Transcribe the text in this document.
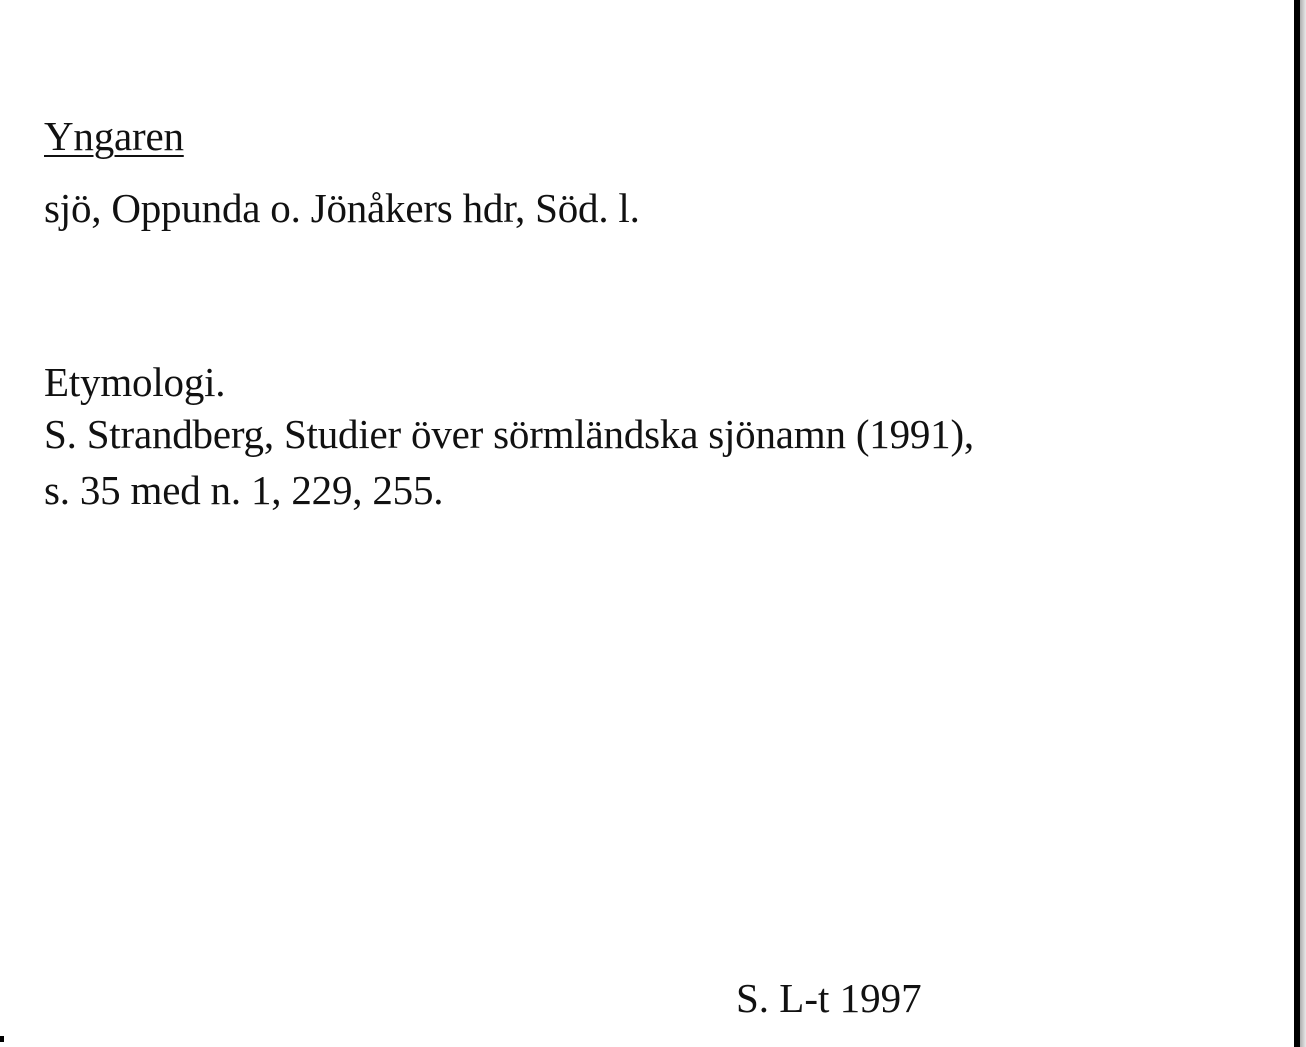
Yngaren

sjö, Oppunda o. Jönåkers hdr, Söd. l.

Etymologi.

S. Strandberg, Studier över sörmländska sjönamn (1991),

s. 35 med n. 1, 229, 255.

S. L-t 1997
